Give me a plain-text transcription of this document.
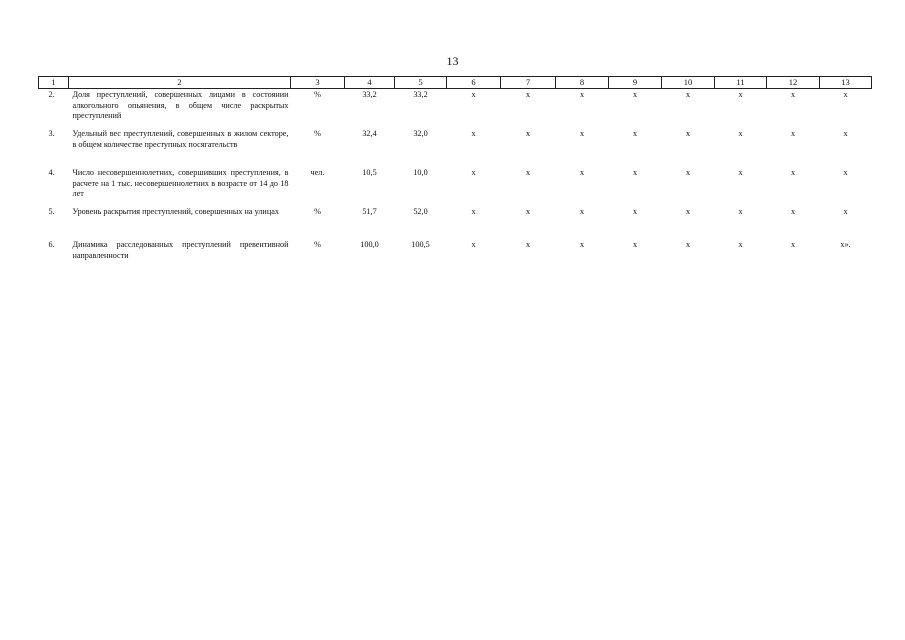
13
1	2	3	4	5	6	7	8	9	10	11	12	13
2.	Доля преступлений, совершенных лицами в состоянии алкогольного опьянения, в общем числе раскрытых преступлений	%	33,2	33,2	x	x	x	x	x	x	x	x
3.	Удельный вес преступлений, совершенных в жилом секторе, в общем количестве преступных посягательств	%	32,4	32,0	x	x	x	x	x	x	x	x
4.	Число несовершеннолетних, совершивших преступления, в расчете на 1 тыс. несовершеннолетних в возрасте от 14 до 18 лет	чел.	10,5	10,0	x	x	x	x	x	x	x	x
5.	Уровень раскрытия преступлений, совершенных на улицах	%	51,7	52,0	x	x	x	x	x	x	x	x
6.	Динамика расследованных преступлений превентивной направленности	%	100,0	100,5	x	x	x	x	x	x	x	x».
